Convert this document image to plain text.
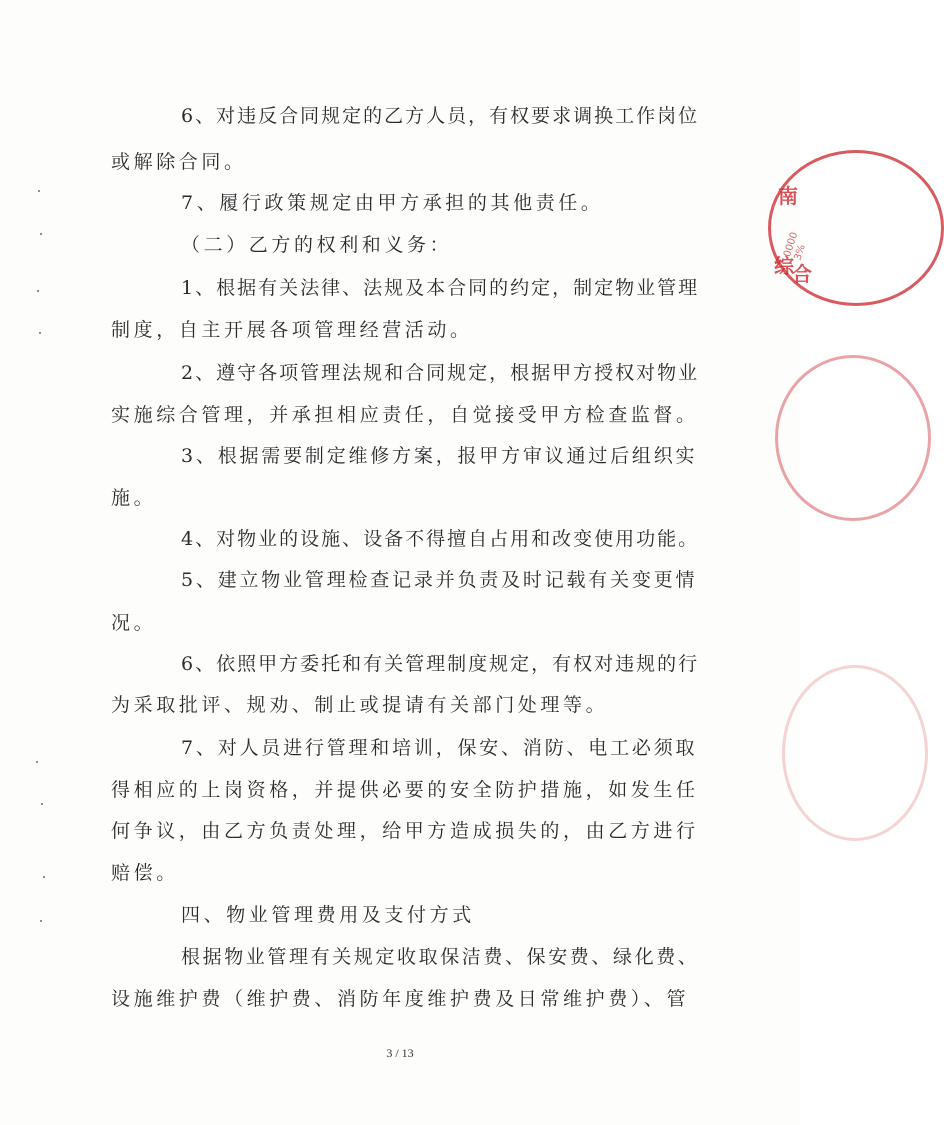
南
综
合
0000 3%
6、对违反合同规定的乙方人员，有权要求调换工作岗位
或解除合同。
7、履行政策规定由甲方承担的其他责任。
（二）乙方的权利和义务：
1、根据有关法律、法规及本合同的约定，制定物业管理
制度，自主开展各项管理经营活动。
2、遵守各项管理法规和合同规定，根据甲方授权对物业
实施综合管理，并承担相应责任，自觉接受甲方检查监督。
3、根据需要制定维修方案，报甲方审议通过后组织实
施。
4、对物业的设施、设备不得擅自占用和改变使用功能。
5、建立物业管理检查记录并负责及时记载有关变更情
况。
6、依照甲方委托和有关管理制度规定，有权对违规的行
为采取批评、规劝、制止或提请有关部门处理等。
7、对人员进行管理和培训，保安、消防、电工必须取
得相应的上岗资格，并提供必要的安全防护措施，如发生任
何争议，由乙方负责处理，给甲方造成损失的，由乙方进行
赔偿。
四、物业管理费用及支付方式
根据物业管理有关规定收取保洁费、保安费、绿化费、
设施维护费（维护费、消防年度维护费及日常维护费）、管
3 / 13
